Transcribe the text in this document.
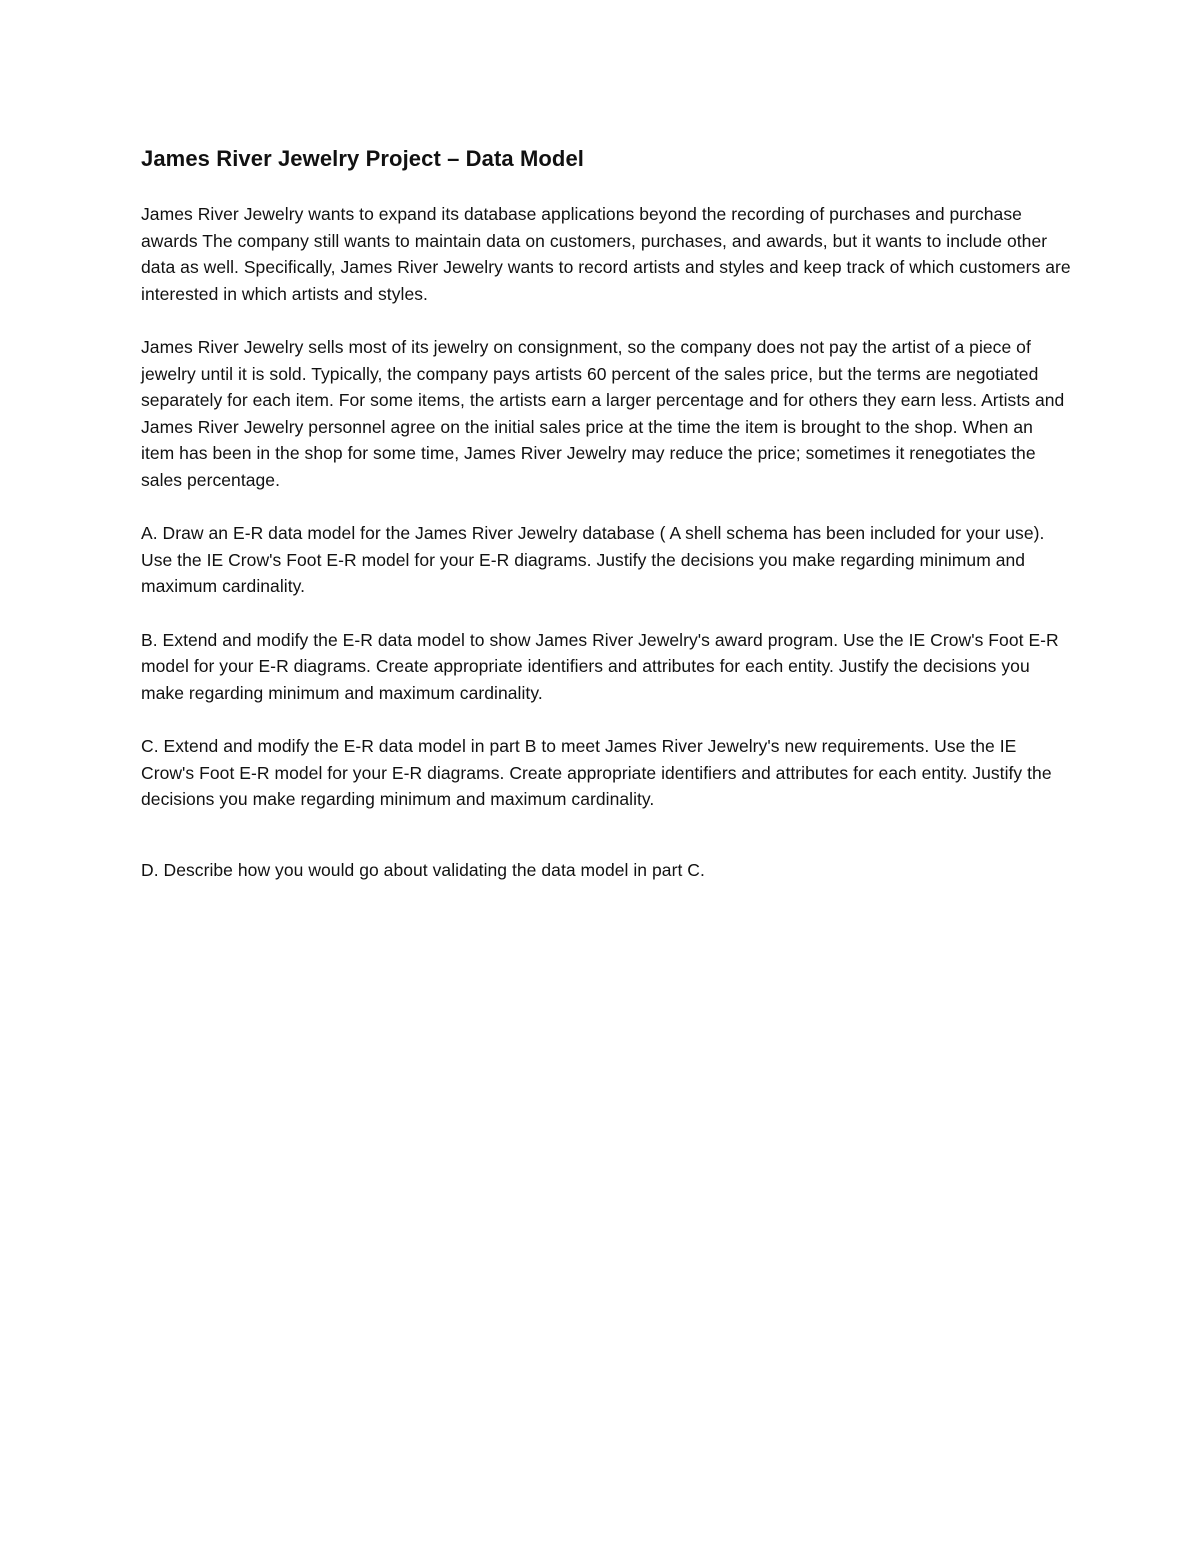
James River Jewelry Project – Data Model

James River Jewelry wants to expand its database applications beyond the recording of purchases and purchase awards The company still wants to maintain data on customers, purchases, and awards, but it wants to include other data as well. Specifically, James River Jewelry wants to record artists and styles and keep track of which customers are interested in which artists and styles.

James River Jewelry sells most of its jewelry on consignment, so the company does not pay the artist of a piece of jewelry until it is sold. Typically, the company pays artists 60 percent of the sales price, but the terms are negotiated separately for each item. For some items, the artists earn a larger percentage and for others they earn less. Artists and James River Jewelry personnel agree on the initial sales price at the time the item is brought to the shop. When an item has been in the shop for some time, James River Jewelry may reduce the price; sometimes it renegotiates the sales percentage.

A. Draw an E-R data model for the James River Jewelry database ( A shell schema has been included for your use). Use the IE Crow's Foot E-R model for your E-R diagrams. Justify the decisions you make regarding minimum and maximum cardinality.

B. Extend and modify the E-R data model to show James River Jewelry's award program. Use the IE Crow's Foot E-R model for your E-R diagrams. Create appropriate identifiers and attributes for each entity. Justify the decisions you make regarding minimum and maximum cardinality.

C. Extend and modify the E-R data model in part B to meet James River Jewelry's new requirements. Use the IE Crow's Foot E-R model for your E-R diagrams. Create appropriate identifiers and attributes for each entity. Justify the decisions you make regarding minimum and maximum cardinality.

D. Describe how you would go about validating the data model in part C.
